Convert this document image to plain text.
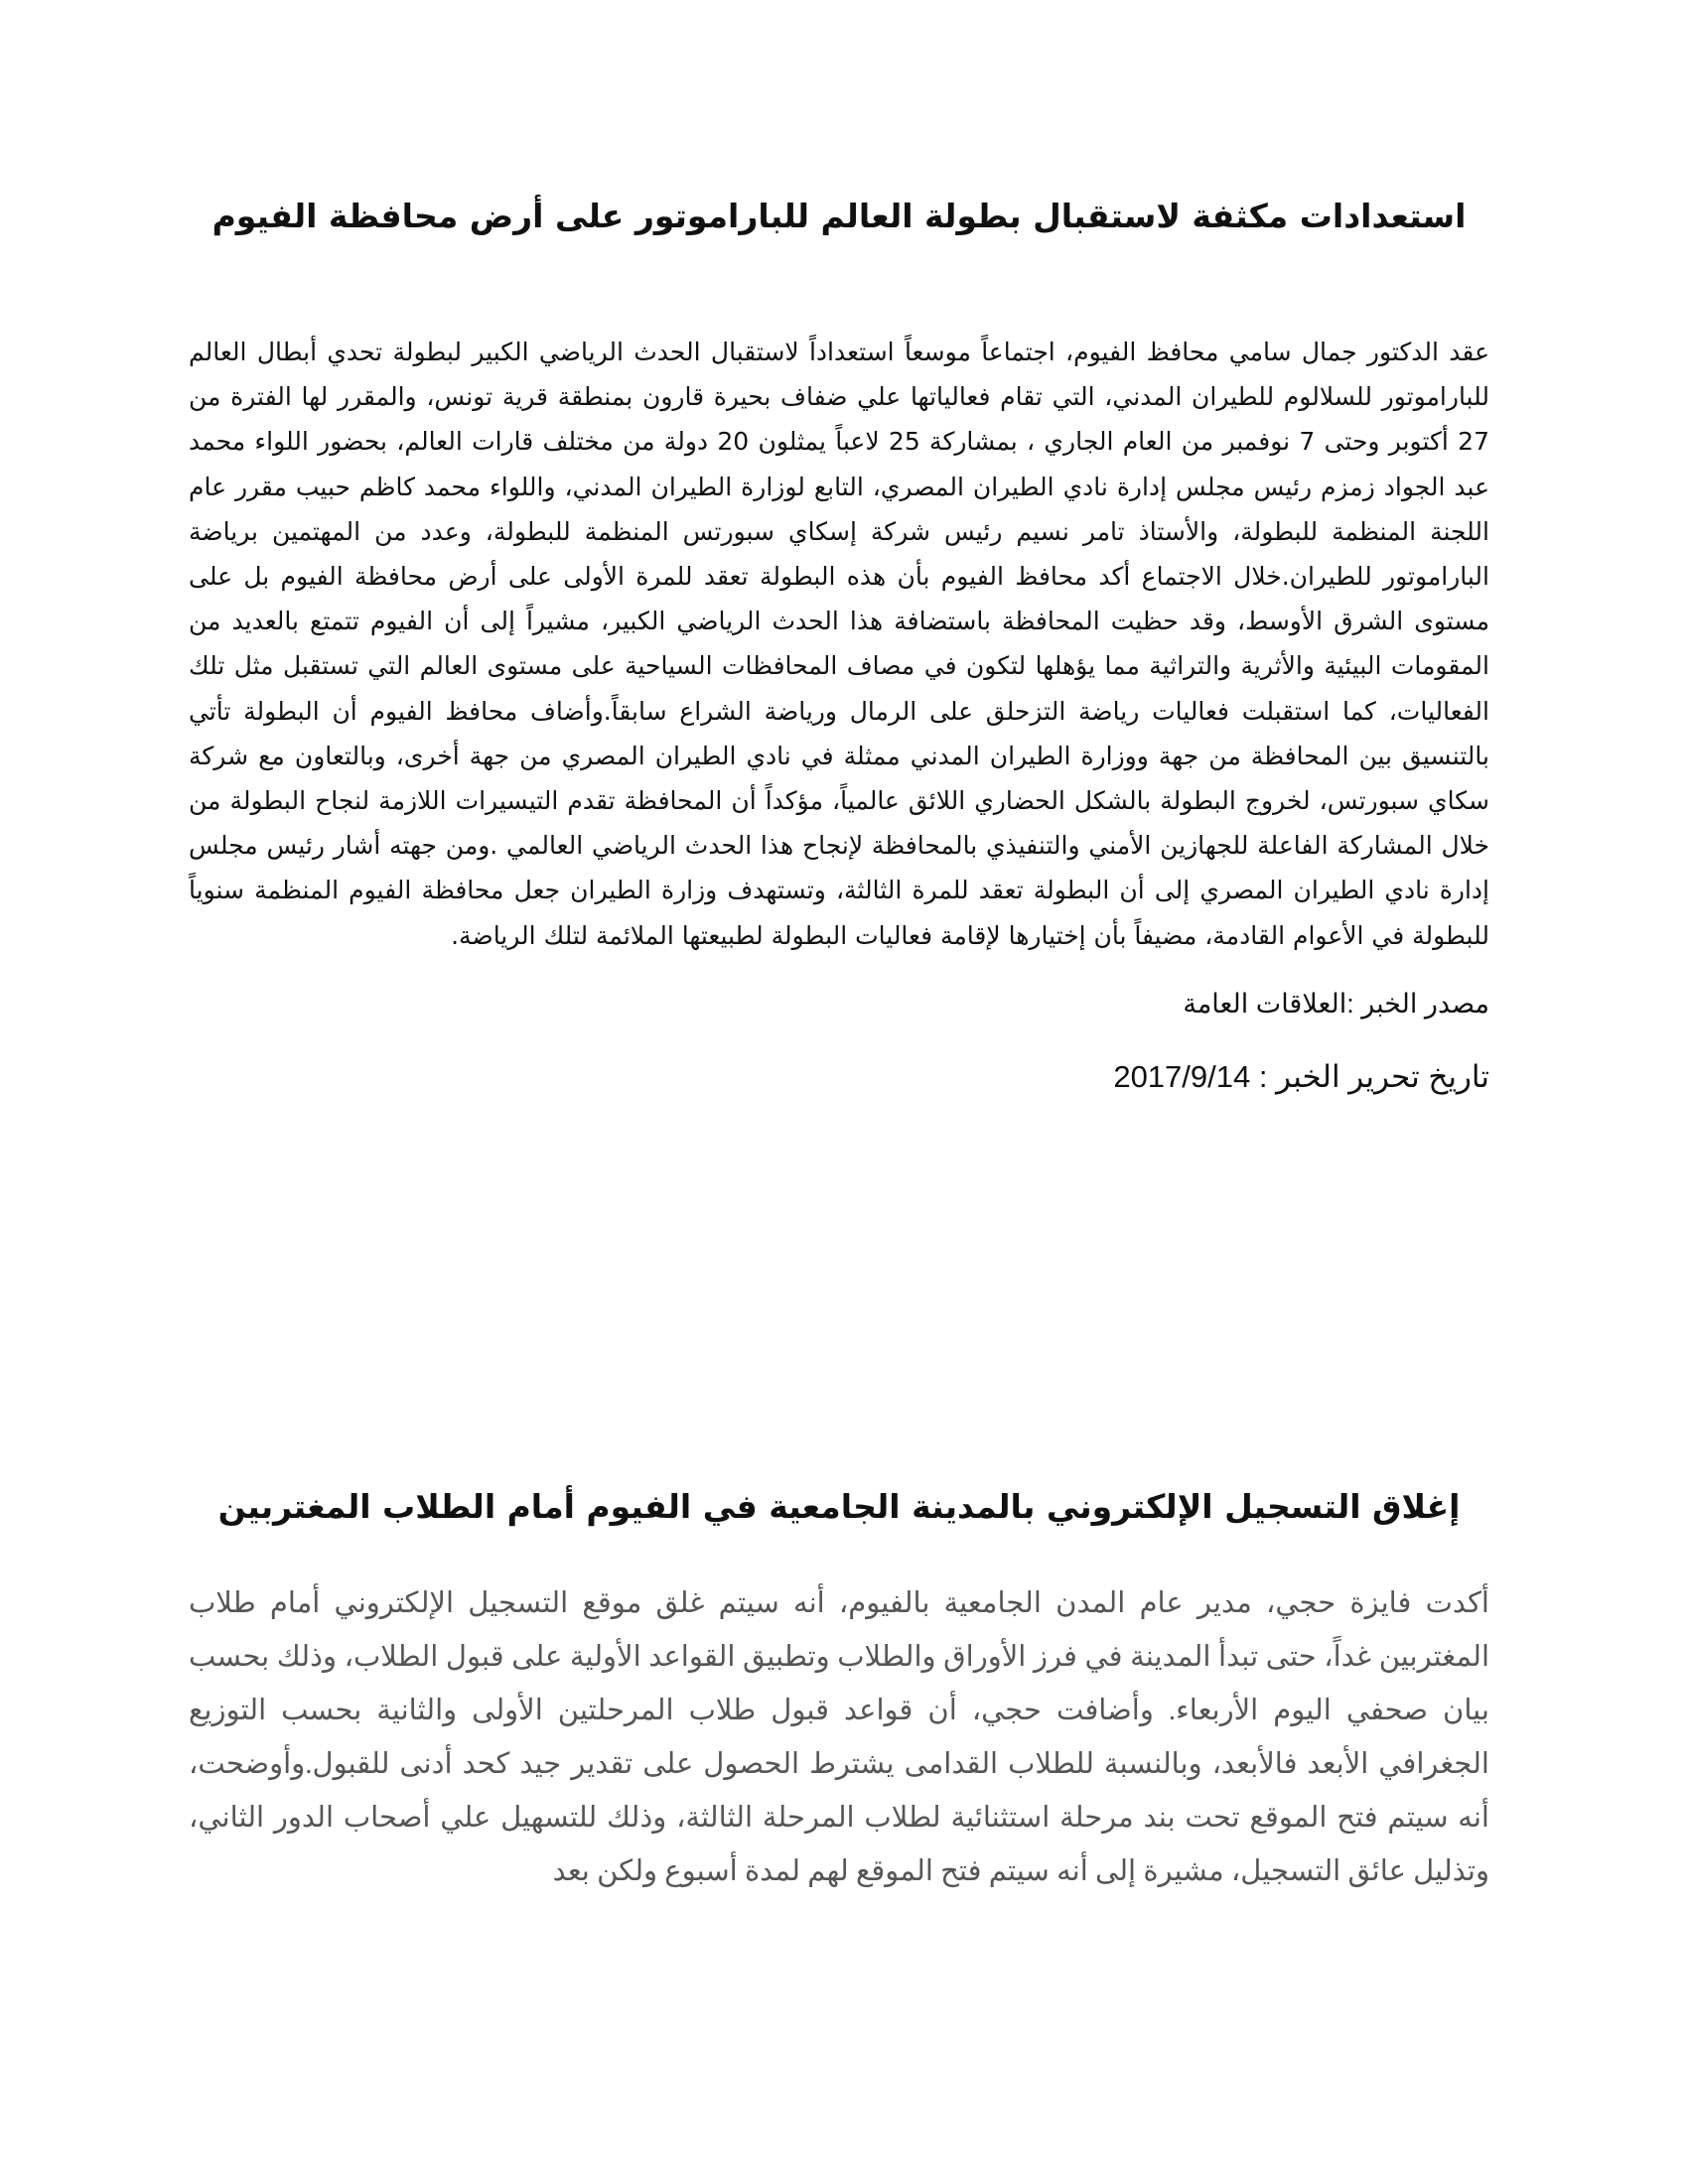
استعدادات مكثفة لاستقبال بطولة العالم للباراموتور على أرض محافظة الفيوم

عقد الدكتور جمال سامي محافظ الفيوم، اجتماعاً موسعاً استعداداً لاستقبال الحدث الرياضي الكبير لبطولة تحدي أبطال العالم للباراموتور للسلالوم للطيران المدني، التي تقام فعالياتها علي ضفاف بحيرة قارون بمنطقة قرية تونس، والمقرر لها الفترة من 27 أكتوبر وحتى 7 نوفمبر من العام الجاري ، بمشاركة 25 لاعباً يمثلون 20 دولة من مختلف قارات العالم، بحضور اللواء محمد عبد الجواد زمزم رئيس مجلس إدارة نادي الطيران المصري، التابع لوزارة الطيران المدني، واللواء محمد كاظم حبيب مقرر عام اللجنة المنظمة للبطولة، والأستاذ تامر نسيم رئيس شركة إسكاي سبورتس المنظمة للبطولة، وعدد من المهتمين برياضة الباراموتور للطيران.خلال الاجتماع أكد محافظ الفيوم بأن هذه البطولة تعقد للمرة الأولى على أرض محافظة الفيوم بل على مستوى الشرق الأوسط، وقد حظيت المحافظة باستضافة هذا الحدث الرياضي الكبير، مشيراً إلى أن الفيوم تتمتع بالعديد من المقومات البيئية والأثرية والتراثية مما يؤهلها لتكون في مصاف المحافظات السياحية على مستوى العالم التي تستقبل مثل تلك الفعاليات، كما استقبلت فعاليات رياضة التزحلق على الرمال ورياضة الشراع سابقاً.وأضاف محافظ الفيوم أن البطولة تأتي بالتنسيق بين المحافظة من جهة ووزارة الطيران المدني ممثلة في نادي الطيران المصري من جهة أخرى، وبالتعاون مع شركة سكاي سبورتس، لخروج البطولة بالشكل الحضاري اللائق عالمياً، مؤكداً أن المحافظة تقدم التيسيرات اللازمة لنجاح البطولة من خلال المشاركة الفاعلة للجهازين الأمني والتنفيذي بالمحافظة لإنجاح هذا الحدث الرياضي العالمي .ومن جهته أشار رئيس مجلس إدارة نادي الطيران المصري إلى أن البطولة تعقد للمرة الثالثة، وتستهدف وزارة الطيران جعل محافظة الفيوم المنظمة سنوياً للبطولة في الأعوام القادمة، مضيفاً بأن إختيارها لإقامة فعاليات البطولة لطبيعتها الملائمة لتلك الرياضة.

مصدر الخبر :العلاقات العامة

تاريخ تحرير الخبر : 2017/9/14

إغلاق التسجيل الإلكتروني بالمدينة الجامعية في الفيوم أمام الطلاب المغتربين

أكدت فايزة حجي، مدير عام المدن الجامعية بالفيوم، أنه سيتم غلق موقع التسجيل الإلكتروني أمام طلاب المغتربين غداً، حتى تبدأ المدينة في فرز الأوراق والطلاب وتطبيق القواعد الأولية على قبول الطلاب، وذلك بحسب بيان صحفي اليوم الأربعاء. وأضافت حجي، أن قواعد قبول طلاب المرحلتين الأولى والثانية بحسب التوزيع الجغرافي الأبعد فالأبعد، وبالنسبة للطلاب القدامى يشترط الحصول على تقدير جيد كحد أدنى للقبول.وأوضحت، أنه سيتم فتح الموقع تحت بند مرحلة استثنائية لطلاب المرحلة الثالثة، وذلك للتسهيل علي أصحاب الدور الثاني، وتذليل عائق التسجيل، مشيرة إلى أنه سيتم فتح الموقع لهم لمدة أسبوع ولكن بعد
